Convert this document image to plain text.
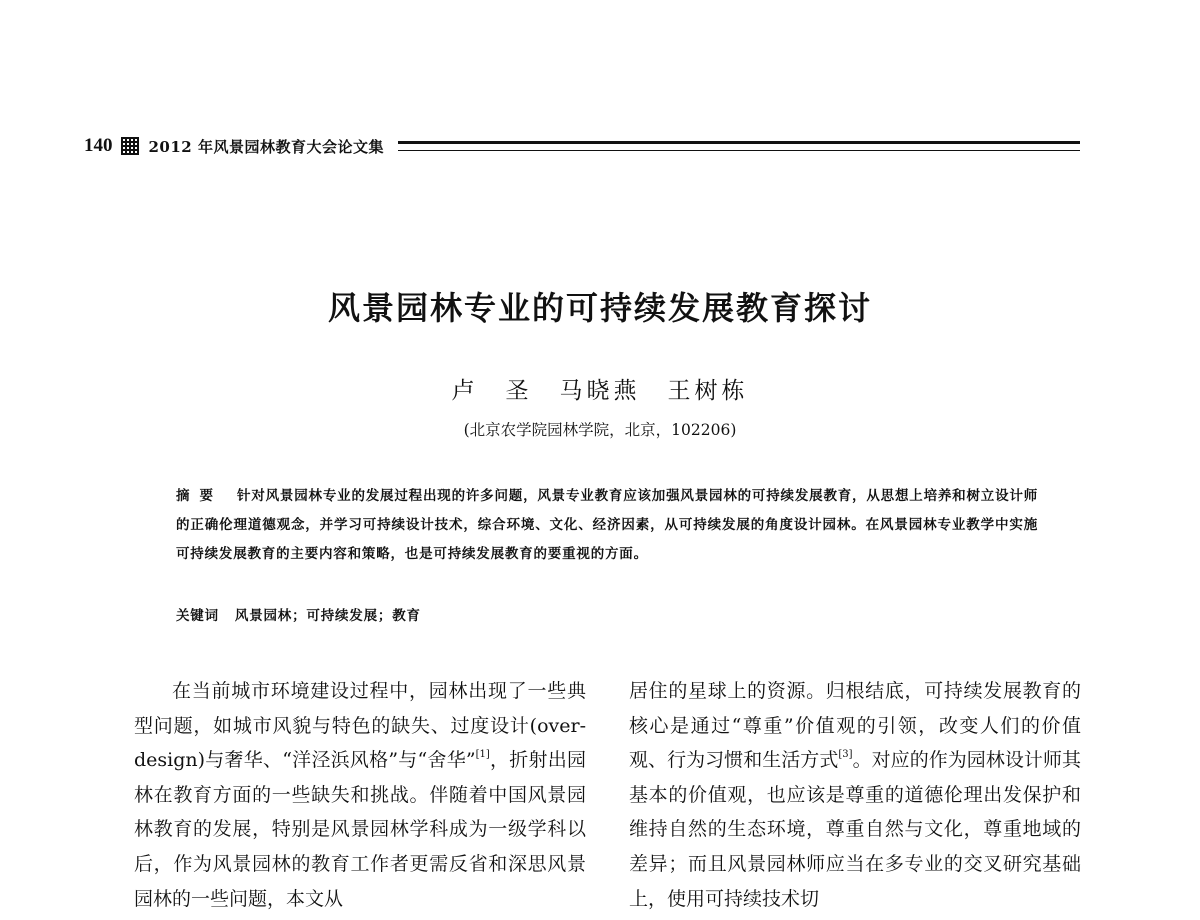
140 2012 年风景园林教育大会论文集
风景园林专业的可持续发展教育探讨
卢　圣　马晓燕　王树栋
(北京农学院园林学院，北京，102206)
摘要 针对风景园林专业的发展过程出现的许多问题，风景专业教育应该加强风景园林的可持续发展教育，从思想上培养和树立设计师的正确伦理道德观念，并学习可持续设计技术，综合环境、文化、经济因素，从可持续发展的角度设计园林。在风景园林专业教学中实施可持续发展教育的主要内容和策略，也是可持续发展教育的要重视的方面。
关键词 风景园林；可持续发展；教育
在当前城市环境建设过程中，园林出现了一些典型问题，如城市风貌与特色的缺失、过度设计(over-design)与奢华、“洋泾浜风格”与“舍华”[1]，折射出园林在教育方面的一些缺失和挑战。伴随着中国风景园林教育的发展，特别是风景园林学科成为一级学科以后，作为风景园林的教育工作者更需反省和深思风景园林的一些问题，本文从
居住的星球上的资源。归根结底，可持续发展教育的核心是通过“尊重”价值观的引领，改变人们的价值观、行为习惯和生活方式[3]。对应的作为园林设计师其基本的价值观，也应该是尊重的道德伦理出发保护和维持自然的生态环境，尊重自然与文化，尊重地域的差异；而且风景园林师应当在多专业的交叉研究基础上，使用可持续技术切
